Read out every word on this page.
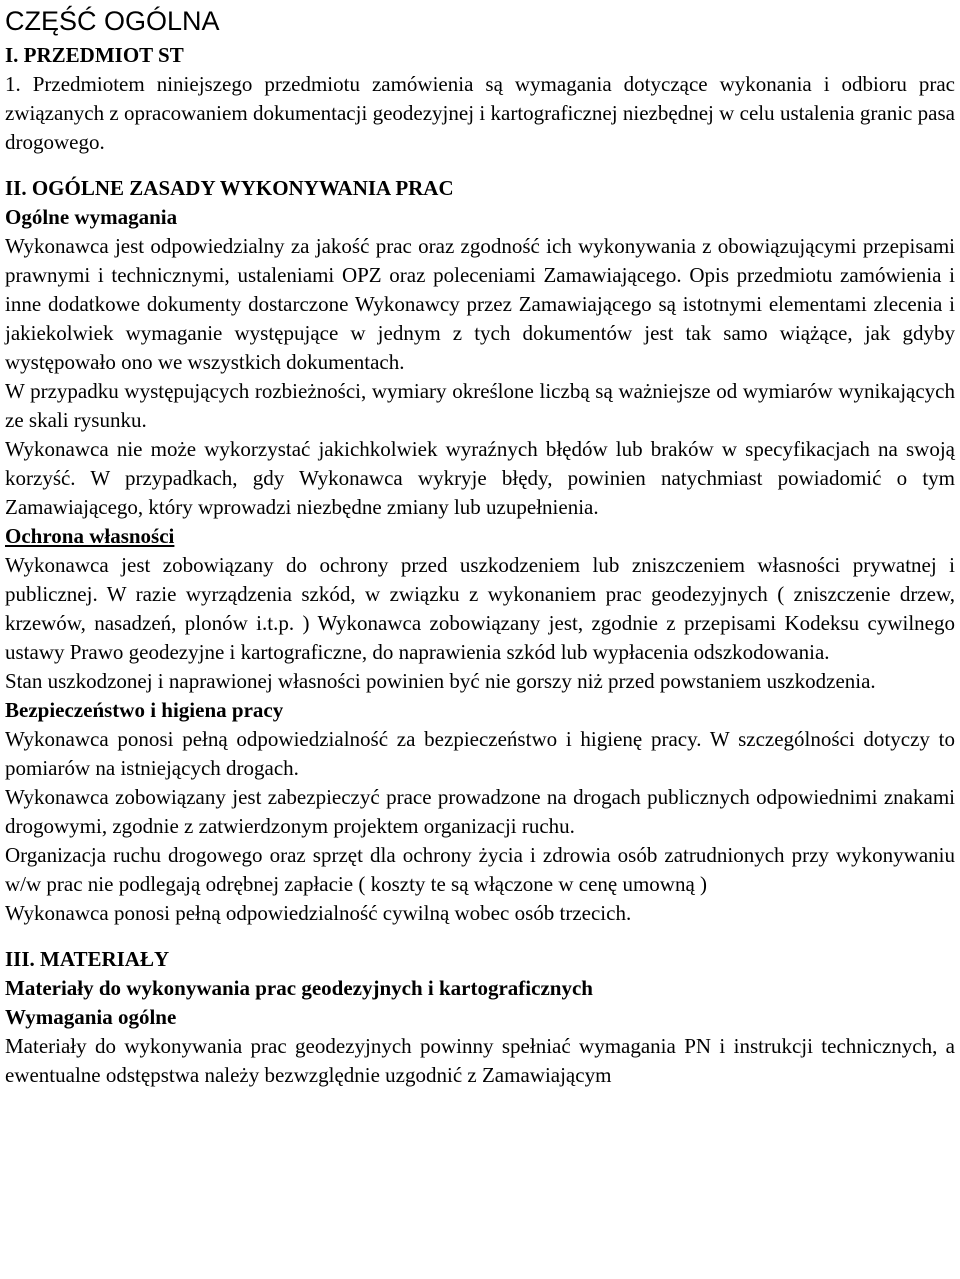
CZĘŚĆ OGÓLNA
I. PRZEDMIOT ST

1. Przedmiotem niniejszego przedmiotu zamówienia są wymagania dotyczące wykonania i odbioru prac związanych z opracowaniem dokumentacji geodezyjnej i kartograficznej niezbędnej w celu ustalenia granic pasa drogowego.

II. OGÓLNE ZASADY WYKONYWANIA PRAC
Ogólne wymagania

Wykonawca jest odpowiedzialny za jakość prac oraz zgodność ich wykonywania z obowiązującymi przepisami prawnymi i technicznymi, ustaleniami OPZ oraz poleceniami Zamawiającego. Opis przedmiotu zamówienia i inne dodatkowe dokumenty dostarczone Wykonawcy przez Zamawiającego są istotnymi elementami zlecenia i jakiekolwiek wymaganie występujące w jednym z tych dokumentów jest tak samo wiążące, jak gdyby występowało ono we wszystkich dokumentach.

W przypadku występujących rozbieżności, wymiary określone liczbą są ważniejsze od wymiarów wynikających ze skali rysunku.

Wykonawca nie może wykorzystać jakichkolwiek wyraźnych błędów lub braków w specyfikacjach na swoją korzyść. W przypadkach, gdy Wykonawca wykryje błędy, powinien natychmiast powiadomić o tym Zamawiającego, który wprowadzi niezbędne zmiany lub uzupełnienia.

Ochrona własności

Wykonawca jest zobowiązany do ochrony przed uszkodzeniem lub zniszczeniem własności prywatnej i publicznej. W razie wyrządzenia szkód, w związku z wykonaniem prac geodezyjnych ( zniszczenie drzew, krzewów, nasadzeń, plonów i.t.p. ) Wykonawca zobowiązany jest, zgodnie z przepisami Kodeksu cywilnego ustawy Prawo geodezyjne i kartograficzne, do naprawienia szkód lub wypłacenia odszkodowania.

Stan uszkodzonej i naprawionej własności powinien być nie gorszy niż przed powstaniem uszkodzenia.

Bezpieczeństwo i higiena pracy

Wykonawca ponosi pełną odpowiedzialność za bezpieczeństwo i higienę pracy. W szczególności dotyczy to pomiarów na istniejących drogach.

Wykonawca zobowiązany jest zabezpieczyć prace prowadzone na drogach publicznych odpowiednimi znakami drogowymi, zgodnie z zatwierdzonym projektem organizacji ruchu.

Organizacja ruchu drogowego oraz sprzęt dla ochrony życia i zdrowia osób zatrudnionych przy wykonywaniu w/w prac nie podlegają odrębnej zapłacie ( koszty te są włączone w cenę umowną )

Wykonawca ponosi pełną odpowiedzialność cywilną wobec osób trzecich.

III. MATERIAŁY
Materiały do wykonywania prac geodezyjnych i kartograficznych
Wymagania ogólne

Materiały do wykonywania prac geodezyjnych powinny spełniać wymagania PN i instrukcji technicznych, a ewentualne odstępstwa należy bezwzględnie uzgodnić z Zamawiającym
